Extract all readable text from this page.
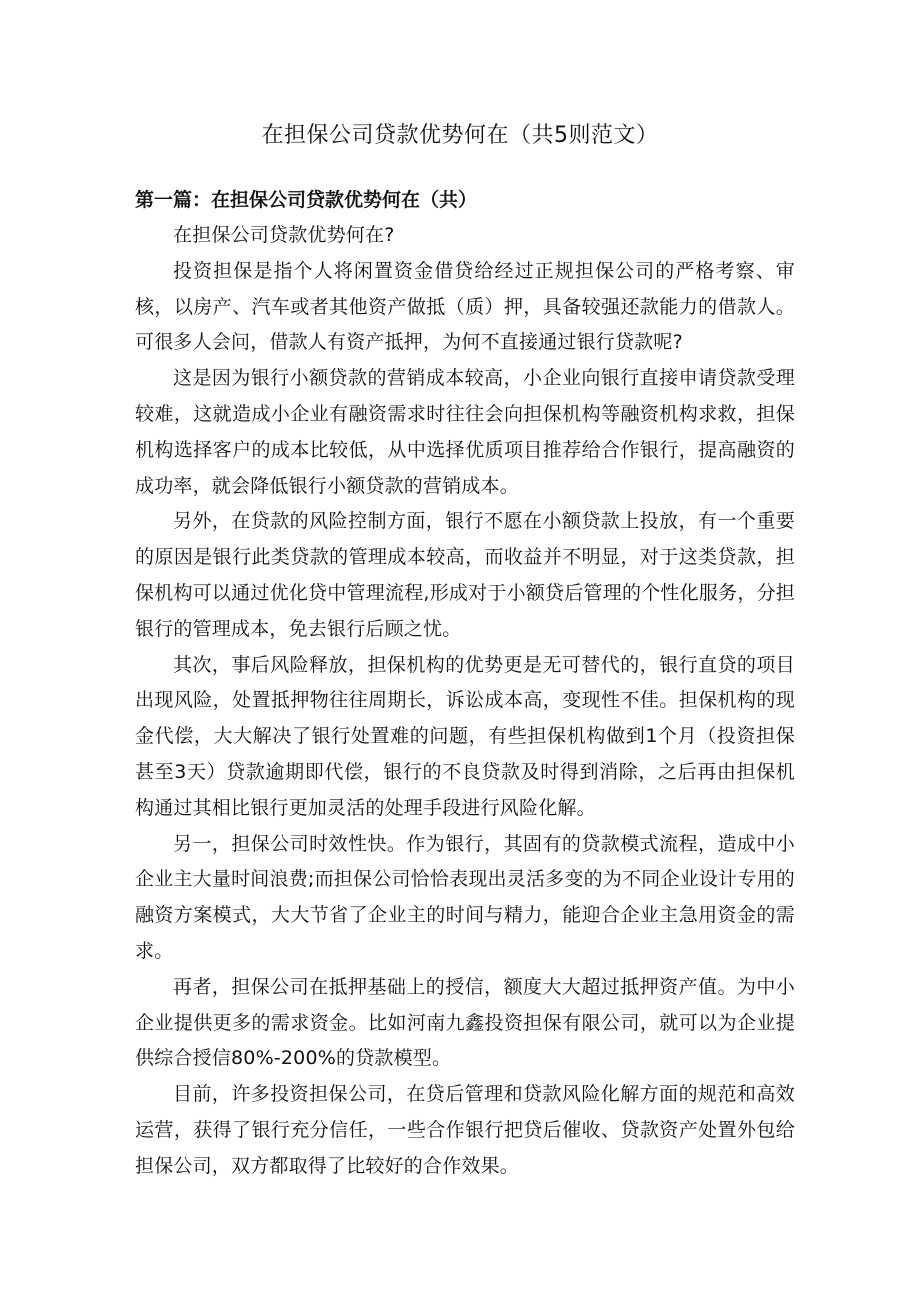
在担保公司贷款优势何在（共5则范文）
第一篇：在担保公司贷款优势何在（共）

在担保公司贷款优势何在?

投资担保是指个人将闲置资金借贷给经过正规担保公司的严格考察、审核，以房产、汽车或者其他资产做抵（质）押，具备较强还款能力的借款人。可很多人会问，借款人有资产抵押，为何不直接通过银行贷款呢?

这是因为银行小额贷款的营销成本较高，小企业向银行直接申请贷款受理较难，这就造成小企业有融资需求时往往会向担保机构等融资机构求救，担保机构选择客户的成本比较低，从中选择优质项目推荐给合作银行，提高融资的成功率，就会降低银行小额贷款的营销成本。

另外，在贷款的风险控制方面，银行不愿在小额贷款上投放，有一个重要的原因是银行此类贷款的管理成本较高，而收益并不明显，对于这类贷款，担保机构可以通过优化贷中管理流程,形成对于小额贷后管理的个性化服务，分担银行的管理成本，免去银行后顾之忧。

其次，事后风险释放，担保机构的优势更是无可替代的，银行直贷的项目出现风险，处置抵押物往往周期长，诉讼成本高，变现性不佳。担保机构的现金代偿，大大解决了银行处置难的问题，有些担保机构做到1个月（投资担保甚至3天）贷款逾期即代偿，银行的不良贷款及时得到消除，之后再由担保机构通过其相比银行更加灵活的处理手段进行风险化解。

另一，担保公司时效性快。作为银行，其固有的贷款模式流程，造成中小企业主大量时间浪费;而担保公司恰恰表现出灵活多变的为不同企业设计专用的融资方案模式，大大节省了企业主的时间与精力，能迎合企业主急用资金的需求。

再者，担保公司在抵押基础上的授信，额度大大超过抵押资产值。为中小企业提供更多的需求资金。比如河南九鑫投资担保有限公司，就可以为企业提供综合授信80%-200%的贷款模型。

目前，许多投资担保公司，在贷后管理和贷款风险化解方面的规范和高效运营，获得了银行充分信任，一些合作银行把贷后催收、贷款资产处置外包给担保公司，双方都取得了比较好的合作效果。
